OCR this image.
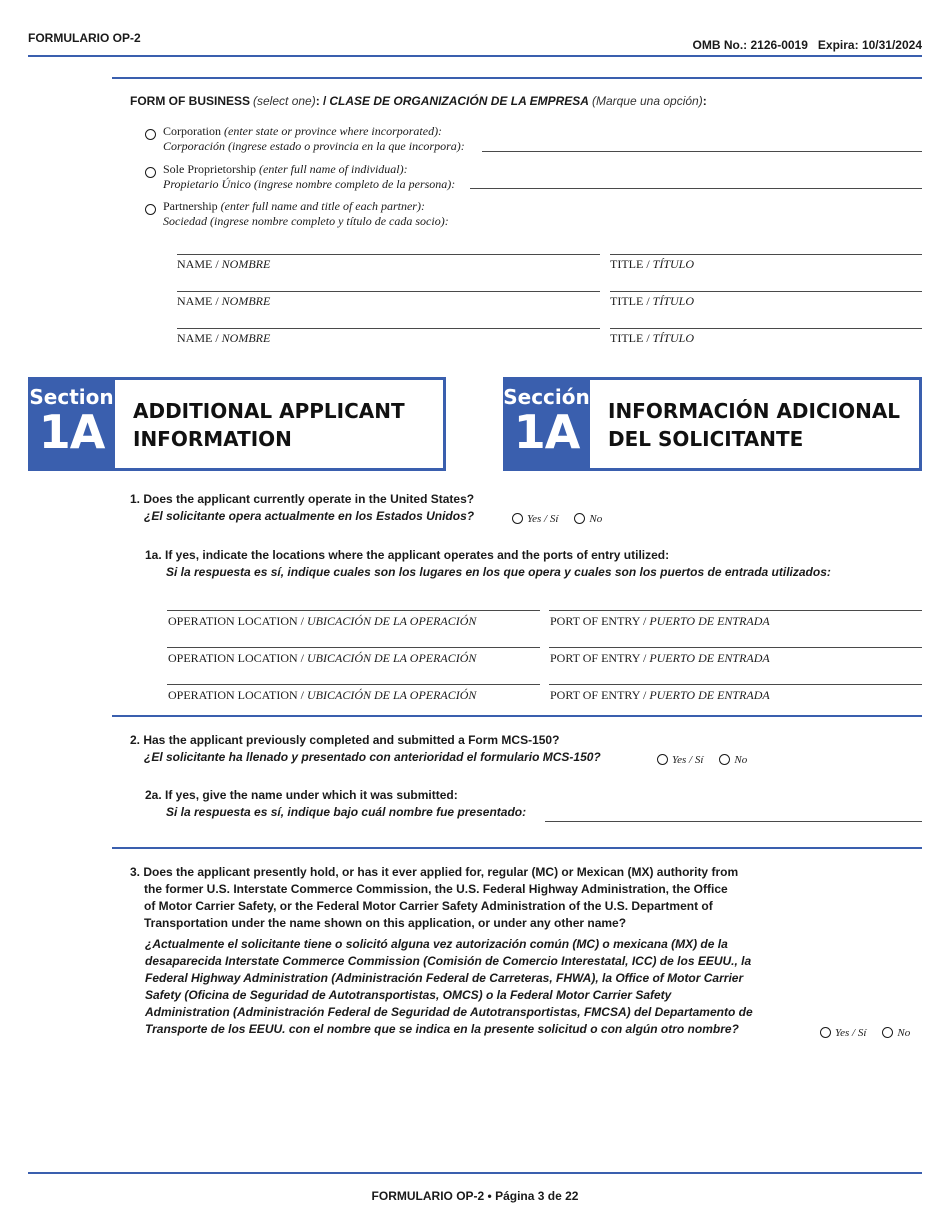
FORMULARIO OP-2	OMB No.: 2126-0019 Expira: 10/31/2024
FORM OF BUSINESS (select one): / CLASE DE ORGANIZACIÓN DE LA EMPRESA (Marque una opción):
Corporation (enter state or province where incorporated):
Corporación (ingrese estado o provincia en la que incorpora):
Sole Proprietorship (enter full name of individual):
Propietario Único (ingrese nombre completo de la persona):
Partnership (enter full name and title of each partner):
Sociedad (ingrese nombre completo y título de cada socio):
NAME / NOMBRE	TITLE / TÍTULO
NAME / NOMBRE	TITLE / TÍTULO
NAME / NOMBRE	TITLE / TÍTULO
Section
1A	ADDITIONAL APPLICANT
INFORMATION
Sección
1A	INFORMACIÓN ADICIONAL
DEL SOLICITANTE
1. Does the applicant currently operate in the United States?
¿El solicitante opera actualmente en los Estados Unidos?	Yes / Sí	No
1a. If yes, indicate the locations where the applicant operates and the ports of entry utilized:
Si la respuesta es sí, indique cuales son los lugares en los que opera y cuales son los puertos de entrada utilizados:
OPERATION LOCATION / UBICACIÓN DE LA OPERACIÓN	PORT OF ENTRY / PUERTO DE ENTRADA
OPERATION LOCATION / UBICACIÓN DE LA OPERACIÓN	PORT OF ENTRY / PUERTO DE ENTRADA
OPERATION LOCATION / UBICACIÓN DE LA OPERACIÓN	PORT OF ENTRY / PUERTO DE ENTRADA
2. Has the applicant previously completed and submitted a Form MCS-150?
¿El solicitante ha llenado y presentado con anterioridad el formulario MCS-150?	Yes / Sí	No
2a. If yes, give the name under which it was submitted:
Si la respuesta es sí, indique bajo cuál nombre fue presentado:
3. Does the applicant presently hold, or has it ever applied for, regular (MC) or Mexican (MX) authority from
the former U.S. Interstate Commerce Commission, the U.S. Federal Highway Administration, the Office
of Motor Carrier Safety, or the Federal Motor Carrier Safety Administration of the U.S. Department of
Transportation under the name shown on this application, or under any other name?
¿Actualmente el solicitante tiene o solicitó alguna vez autorización común (MC) o mexicana (MX) de la
desaparecida Interstate Commerce Commission (Comisión de Comercio Interestatal, ICC) de los EEUU., la
Federal Highway Administration (Administración Federal de Carreteras, FHWA), la Office of Motor Carrier
Safety (Oficina de Seguridad de Autotransportistas, OMCS) o la Federal Motor Carrier Safety
Administration (Administración Federal de Seguridad de Autotransportistas, FMCSA) del Departamento de
Transporte de los EEUU. con el nombre que se indica en la presente solicitud o con algún otro nombre?	Yes / Sí	No
FORMULARIO OP-2 • Página 3 de 22
